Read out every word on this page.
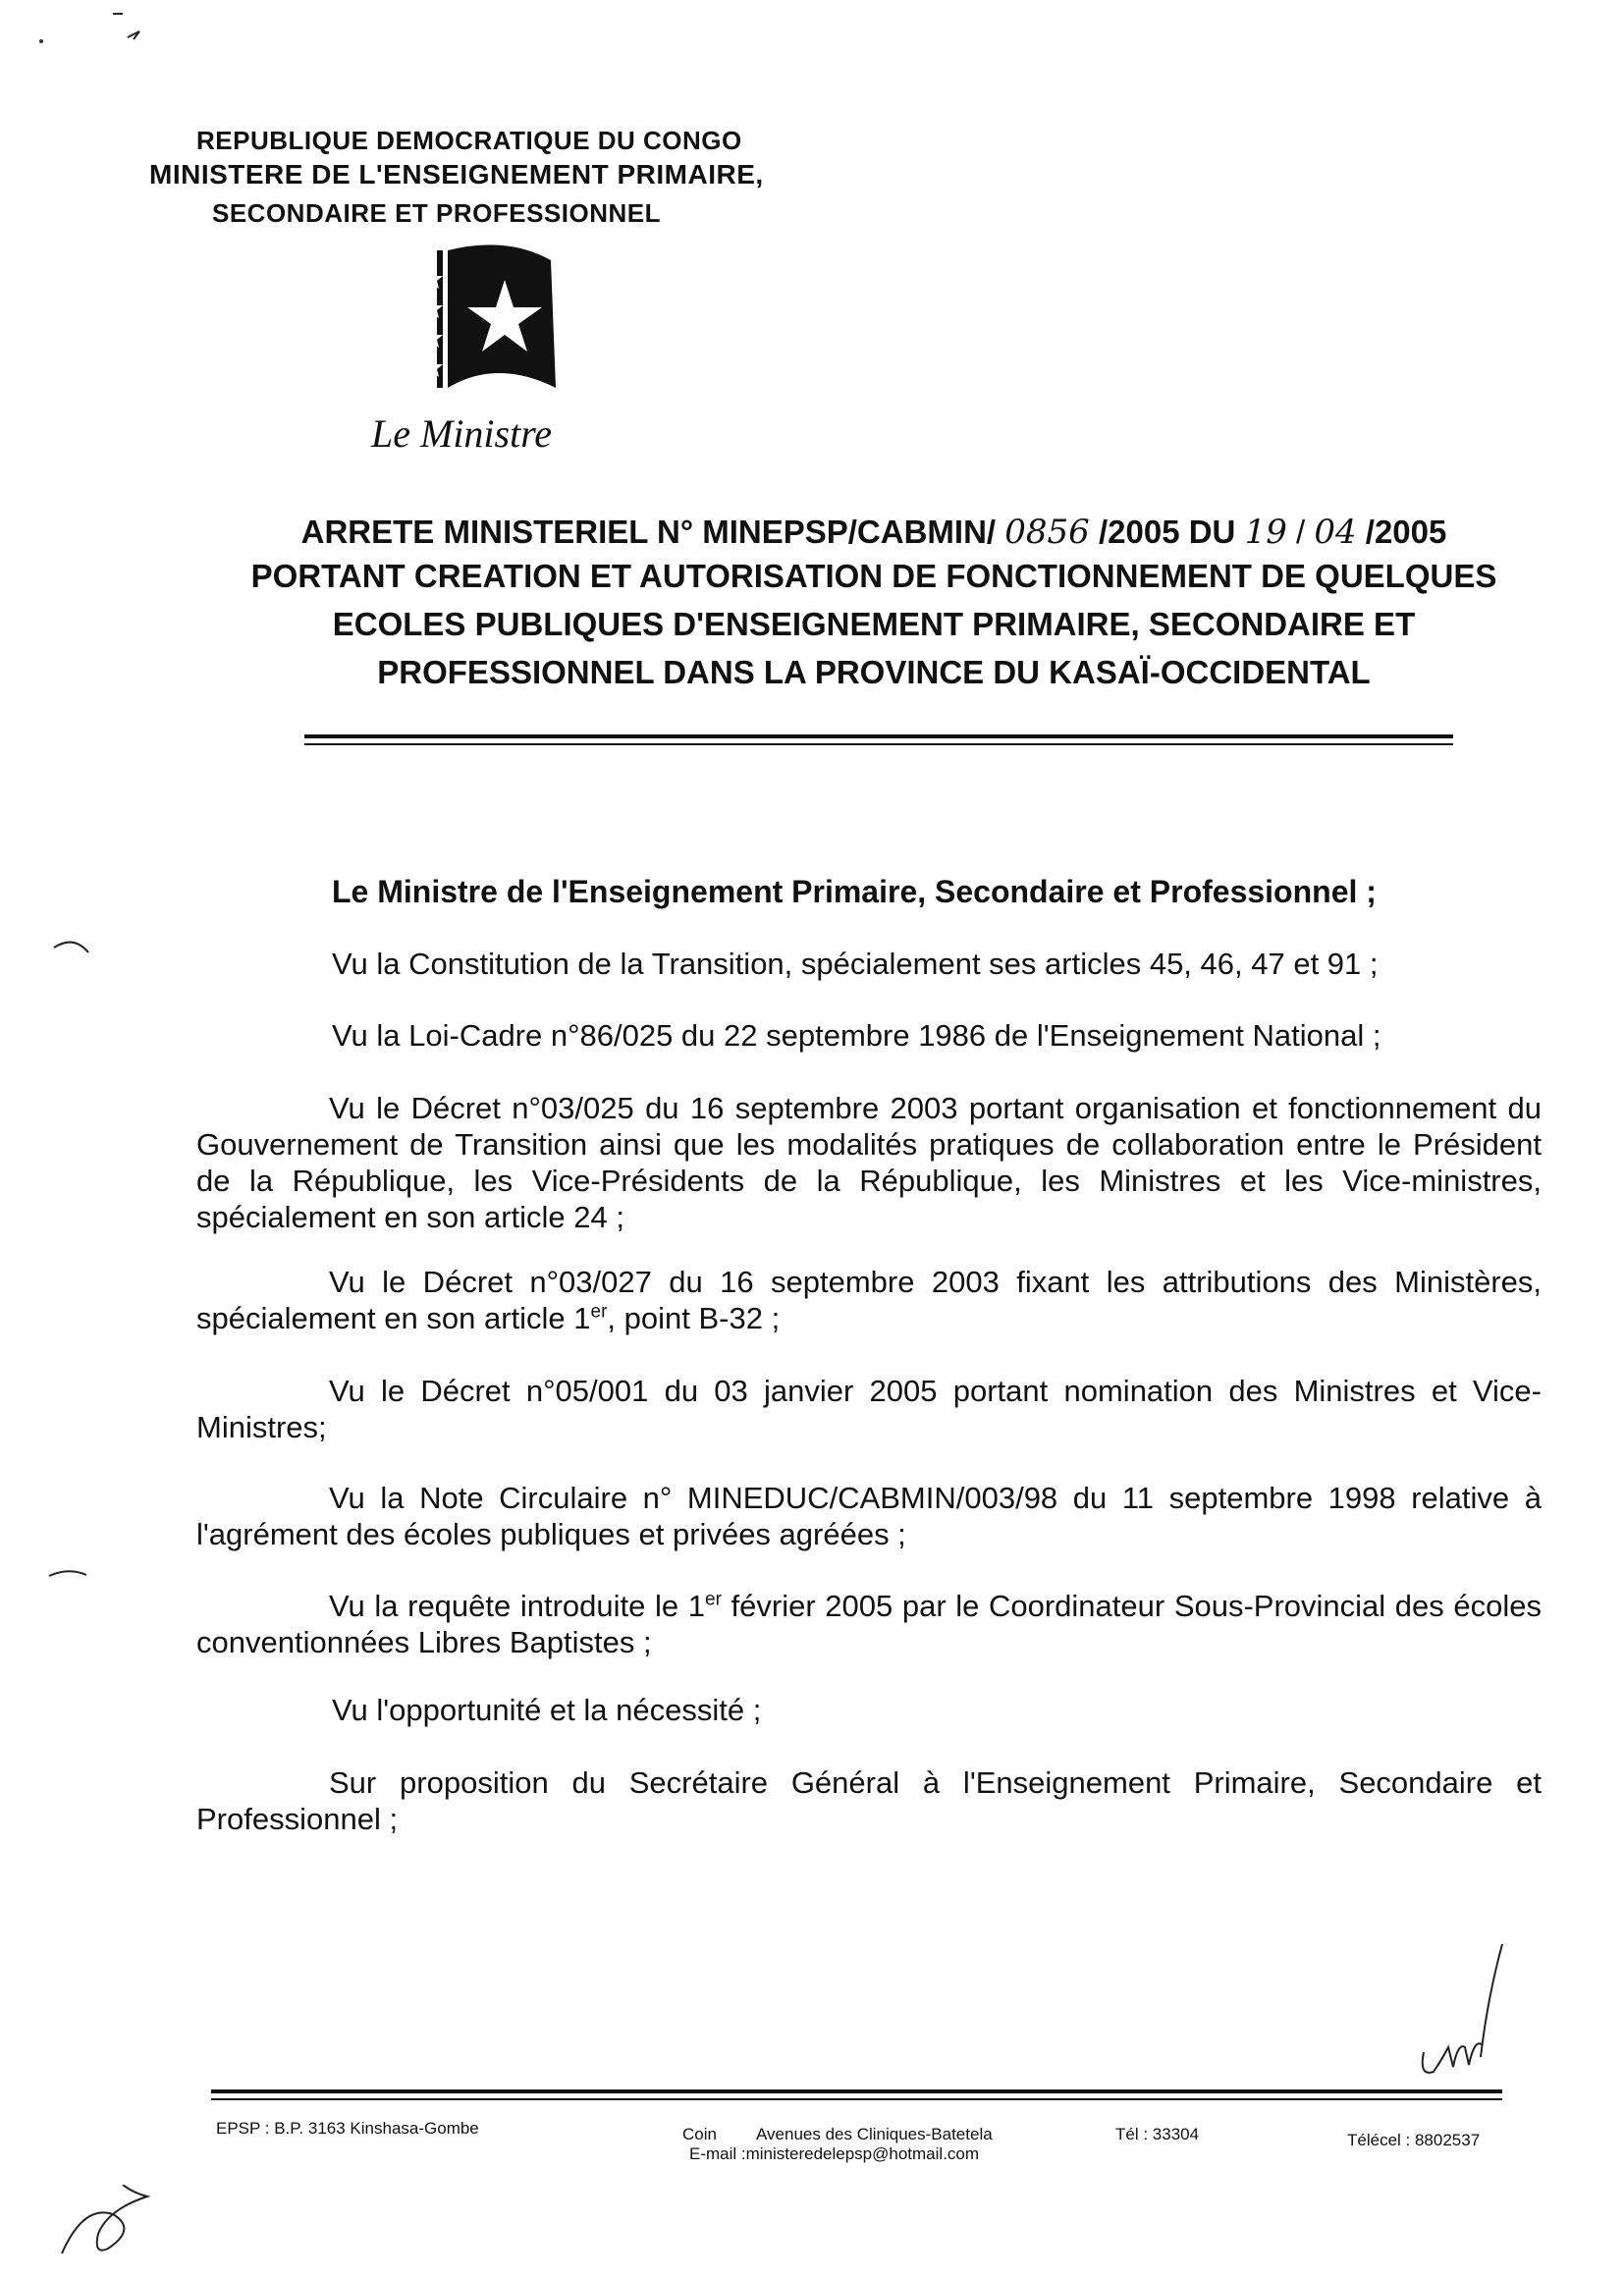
REPUBLIQUE DEMOCRATIQUE DU CONGO
MINISTERE DE L'ENSEIGNEMENT PRIMAIRE,
SECONDAIRE ET PROFESSIONNEL
Le Ministre
ARRETE MINISTERIEL N° MINEPSP/CABMIN/ 0856 /2005 DU 19 / 04 /2005
PORTANT CREATION ET AUTORISATION DE FONCTIONNEMENT DE QUELQUES
ECOLES PUBLIQUES D'ENSEIGNEMENT PRIMAIRE, SECONDAIRE ET
PROFESSIONNEL DANS LA PROVINCE DU KASAÏ-OCCIDENTAL
Le Ministre de l'Enseignement Primaire, Secondaire et Professionnel ;
Vu la Constitution de la Transition, spécialement ses articles 45, 46, 47 et 91 ;
Vu la Loi-Cadre n°86/025 du 22 septembre 1986 de l'Enseignement National ;
Vu le Décret n°03/025 du 16 septembre 2003 portant organisation et fonctionnement du Gouvernement de Transition ainsi que les modalités pratiques de collaboration entre le Président de la République, les Vice-Présidents de la République, les Ministres et les Vice-ministres, spécialement en son article 24 ;
Vu le Décret n°03/027 du 16 septembre 2003 fixant les attributions des Ministères, spécialement en son article 1er, point B-32 ;
Vu le Décret n°05/001 du 03 janvier 2005 portant nomination des Ministres et Vice-Ministres;
Vu la Note Circulaire n° MINEDUC/CABMIN/003/98 du 11 septembre 1998 relative à l'agrément des écoles publiques et privées agréées ;
Vu la requête introduite le 1er février 2005 par le Coordinateur Sous-Provincial des écoles conventionnées Libres Baptistes ;
Vu l'opportunité et la nécessité ;
Sur proposition du Secrétaire Général à l'Enseignement Primaire, Secondaire et Professionnel ;
EPSP : B.P. 3163 Kinshasa-Gombe	Coin Avenues des Cliniques-Batetela
E-mail :ministeredelepsp@hotmail.com
Tél : 33304	Télécel : 8802537
